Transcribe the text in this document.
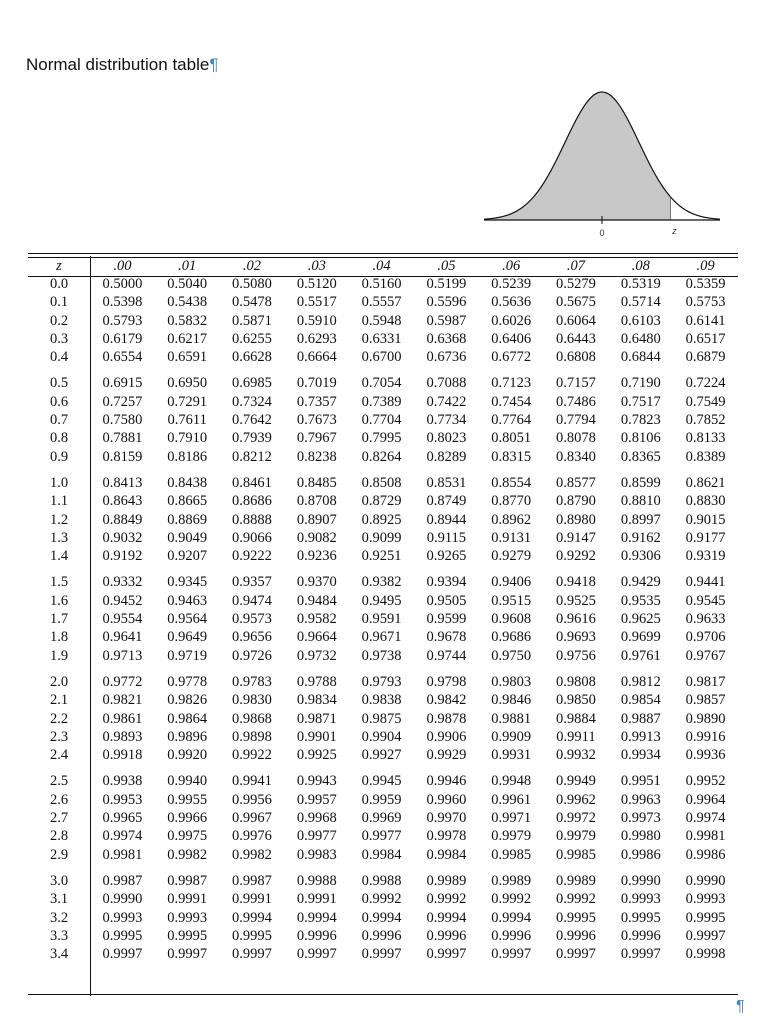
Normal distribution table¶
0	z
z	.00	.01	.02	.03	.04	.05	.06	.07	.08	.09
0.0	0.5000	0.5040	0.5080	0.5120	0.5160	0.5199	0.5239	0.5279	0.5319	0.5359
0.1	0.5398	0.5438	0.5478	0.5517	0.5557	0.5596	0.5636	0.5675	0.5714	0.5753
0.2	0.5793	0.5832	0.5871	0.5910	0.5948	0.5987	0.6026	0.6064	0.6103	0.6141
0.3	0.6179	0.6217	0.6255	0.6293	0.6331	0.6368	0.6406	0.6443	0.6480	0.6517
0.4	0.6554	0.6591	0.6628	0.6664	0.6700	0.6736	0.6772	0.6808	0.6844	0.6879
0.5	0.6915	0.6950	0.6985	0.7019	0.7054	0.7088	0.7123	0.7157	0.7190	0.7224
0.6	0.7257	0.7291	0.7324	0.7357	0.7389	0.7422	0.7454	0.7486	0.7517	0.7549
0.7	0.7580	0.7611	0.7642	0.7673	0.7704	0.7734	0.7764	0.7794	0.7823	0.7852
0.8	0.7881	0.7910	0.7939	0.7967	0.7995	0.8023	0.8051	0.8078	0.8106	0.8133
0.9	0.8159	0.8186	0.8212	0.8238	0.8264	0.8289	0.8315	0.8340	0.8365	0.8389
1.0	0.8413	0.8438	0.8461	0.8485	0.8508	0.8531	0.8554	0.8577	0.8599	0.8621
1.1	0.8643	0.8665	0.8686	0.8708	0.8729	0.8749	0.8770	0.8790	0.8810	0.8830
1.2	0.8849	0.8869	0.8888	0.8907	0.8925	0.8944	0.8962	0.8980	0.8997	0.9015
1.3	0.9032	0.9049	0.9066	0.9082	0.9099	0.9115	0.9131	0.9147	0.9162	0.9177
1.4	0.9192	0.9207	0.9222	0.9236	0.9251	0.9265	0.9279	0.9292	0.9306	0.9319
1.5	0.9332	0.9345	0.9357	0.9370	0.9382	0.9394	0.9406	0.9418	0.9429	0.9441
1.6	0.9452	0.9463	0.9474	0.9484	0.9495	0.9505	0.9515	0.9525	0.9535	0.9545
1.7	0.9554	0.9564	0.9573	0.9582	0.9591	0.9599	0.9608	0.9616	0.9625	0.9633
1.8	0.9641	0.9649	0.9656	0.9664	0.9671	0.9678	0.9686	0.9693	0.9699	0.9706
1.9	0.9713	0.9719	0.9726	0.9732	0.9738	0.9744	0.9750	0.9756	0.9761	0.9767
2.0	0.9772	0.9778	0.9783	0.9788	0.9793	0.9798	0.9803	0.9808	0.9812	0.9817
2.1	0.9821	0.9826	0.9830	0.9834	0.9838	0.9842	0.9846	0.9850	0.9854	0.9857
2.2	0.9861	0.9864	0.9868	0.9871	0.9875	0.9878	0.9881	0.9884	0.9887	0.9890
2.3	0.9893	0.9896	0.9898	0.9901	0.9904	0.9906	0.9909	0.9911	0.9913	0.9916
2.4	0.9918	0.9920	0.9922	0.9925	0.9927	0.9929	0.9931	0.9932	0.9934	0.9936
2.5	0.9938	0.9940	0.9941	0.9943	0.9945	0.9946	0.9948	0.9949	0.9951	0.9952
2.6	0.9953	0.9955	0.9956	0.9957	0.9959	0.9960	0.9961	0.9962	0.9963	0.9964
2.7	0.9965	0.9966	0.9967	0.9968	0.9969	0.9970	0.9971	0.9972	0.9973	0.9974
2.8	0.9974	0.9975	0.9976	0.9977	0.9977	0.9978	0.9979	0.9979	0.9980	0.9981
2.9	0.9981	0.9982	0.9982	0.9983	0.9984	0.9984	0.9985	0.9985	0.9986	0.9986
3.0	0.9987	0.9987	0.9987	0.9988	0.9988	0.9989	0.9989	0.9989	0.9990	0.9990
3.1	0.9990	0.9991	0.9991	0.9991	0.9992	0.9992	0.9992	0.9992	0.9993	0.9993
3.2	0.9993	0.9993	0.9994	0.9994	0.9994	0.9994	0.9994	0.9995	0.9995	0.9995
3.3	0.9995	0.9995	0.9995	0.9996	0.9996	0.9996	0.9996	0.9996	0.9996	0.9997
3.4	0.9997	0.9997	0.9997	0.9997	0.9997	0.9997	0.9997	0.9997	0.9997	0.9998
¶
